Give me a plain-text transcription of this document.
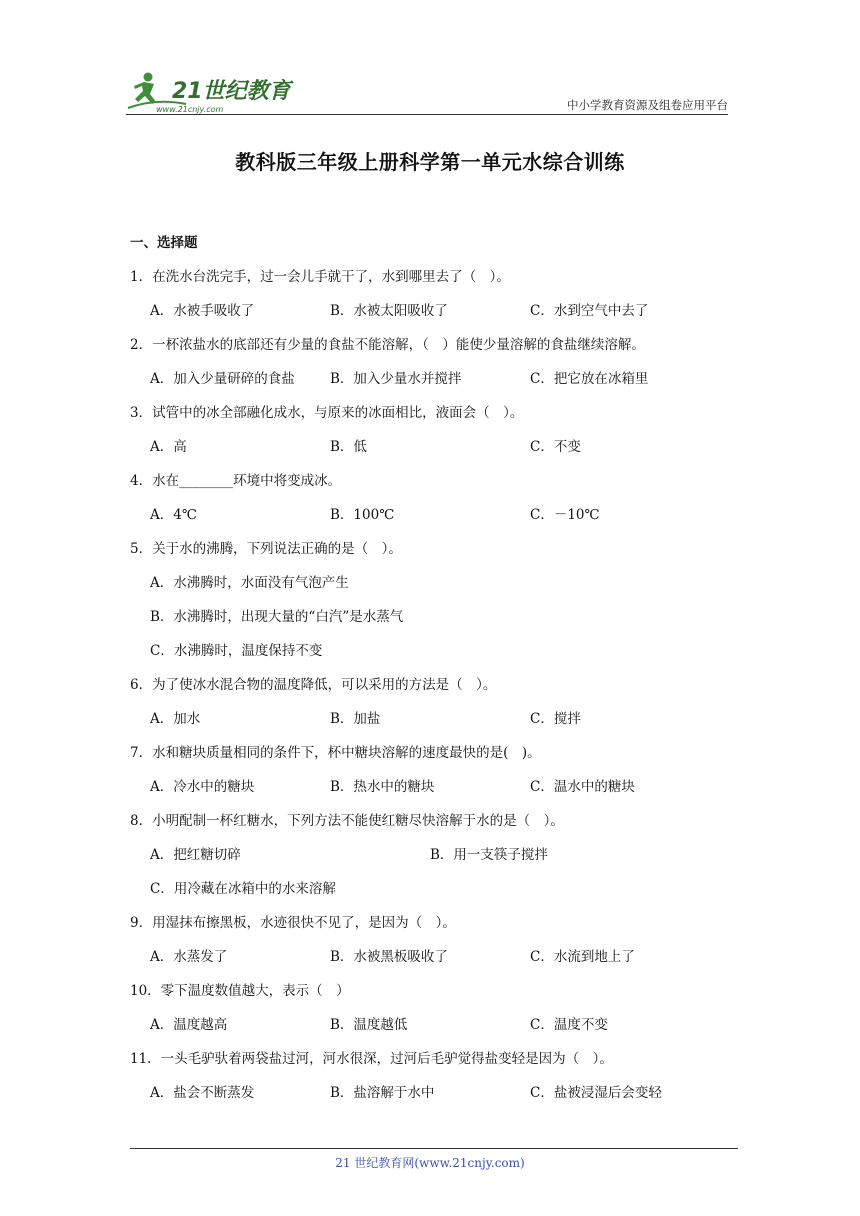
21世纪教育
www.21cnjy.com	中小学教育资源及组卷应用平台
教科版三年级上册科学第一单元水综合训练
一、选择题
1．在洗水台洗完手，过一会儿手就干了，水到哪里去了（　）。
A．水被手吸收了	B．水被太阳吸收了	C．水到空气中去了
2．一杯浓盐水的底部还有少量的食盐不能溶解，（　）能使少量溶解的食盐继续溶解。
A．加入少量研碎的食盐	B．加入少量水并搅拌	C．把它放在冰箱里
3．试管中的冰全部融化成水，与原来的冰面相比，液面会（　）。
A．高	B．低	C．不变
4．水在________环境中将变成冰。
A．4℃	B．100℃	C．－10℃
5．关于水的沸腾，下列说法正确的是（　）。
A．水沸腾时，水面没有气泡产生
B．水沸腾时，出现大量的“白汽”是水蒸气
C．水沸腾时，温度保持不变
6．为了使冰水混合物的温度降低，可以采用的方法是（　）。
A．加水	B．加盐	C．搅拌
7．水和糖块质量相同的条件下，杯中糖块溶解的速度最快的是(　)。
A．冷水中的糖块	B．热水中的糖块	C．温水中的糖块
8．小明配制一杯红糖水，下列方法不能使红糖尽快溶解于水的是（　）。
A．把红糖切碎	B．用一支筷子搅拌
C．用冷藏在冰箱中的水来溶解
9．用湿抹布擦黑板，水迹很快不见了，是因为（　）。
A．水蒸发了	B．水被黑板吸收了	C．水流到地上了
10．零下温度数值越大，表示（　）
A．温度越高	B．温度越低	C．温度不变
11．一头毛驴驮着两袋盐过河，河水很深，过河后毛驴觉得盐变轻是因为（　）。
A．盐会不断蒸发	B．盐溶解于水中	C．盐被浸湿后会变轻
21 世纪教育网(www.21cnjy.com)
